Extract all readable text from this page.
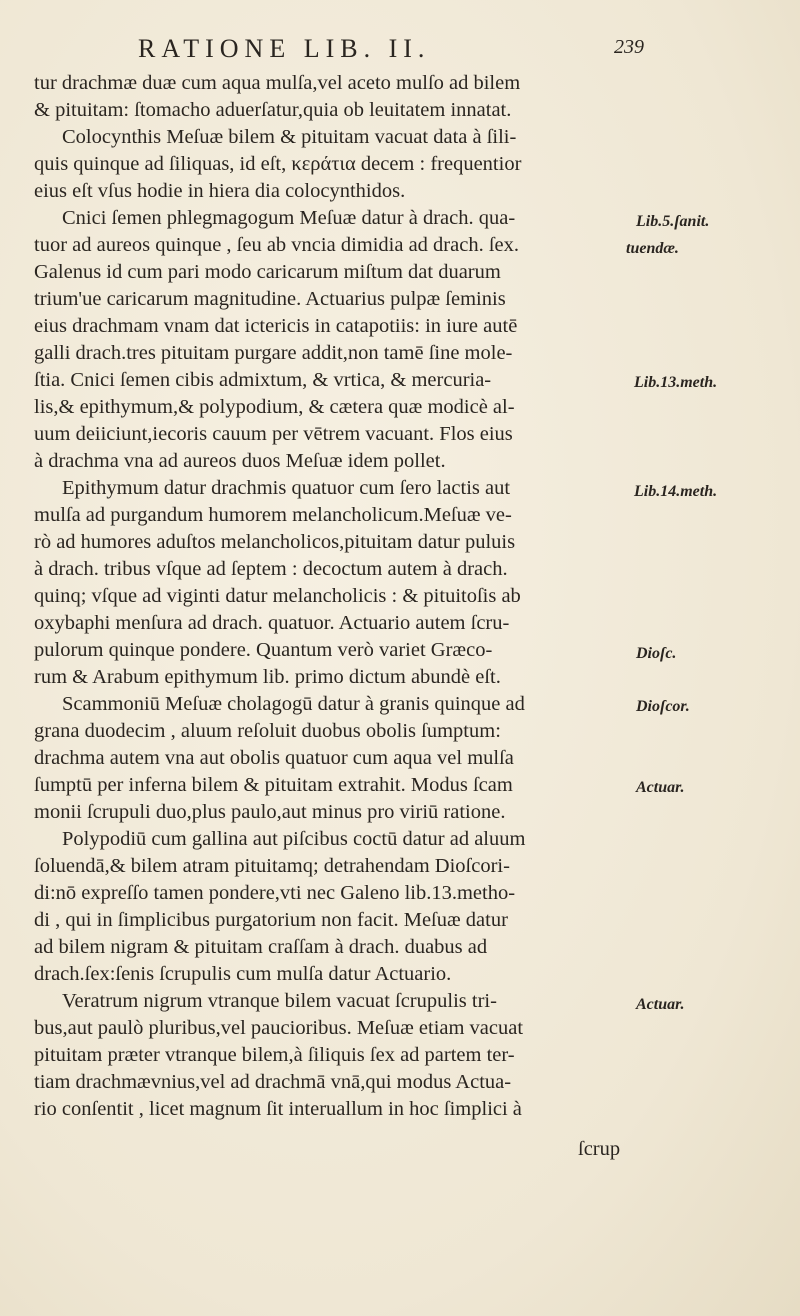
RATIONE LIB. II.	239
tur drachmæ duæ cum aqua mulſa,vel aceto mulſo ad bilem
& pituitam: ſtomacho aduerſatur,quia ob leuitatem innatat.
Colocynthis Meſuæ bilem & pituitam vacuat data à ſili-
quis quinque ad ſiliquas, id eſt, κεράτια decem : frequentior
eius eſt vſus hodie in hiera dia colocynthidos.
Cnici ſemen phlegmagogum Meſuæ datur à drach. qua-
tuor ad aureos quinque , ſeu ab vncia dimidia ad drach. ſex.
Galenus id cum pari modo caricarum miſtum dat duarum
trium'ue caricarum magnitudine. Actuarius pulpæ ſeminis
eius drachmam vnam dat ictericis in catapotiis: in iure autē
galli drach.tres pituitam purgare addit,non tamē ſine mole-
ſtia. Cnici ſemen cibis admixtum, & vrtica, & mercuria-
lis,& epithymum,& polypodium, & cætera quæ modicè al-
uum deiiciunt,iecoris cauum per vētrem vacuant. Flos eius
à drachma vna ad aureos duos Meſuæ idem pollet.
Epithymum datur drachmis quatuor cum ſero lactis aut
mulſa ad purgandum humorem melancholicum.Meſuæ ve-
rò ad humores aduſtos melancholicos,pituitam datur puluis
à drach. tribus vſque ad ſeptem : decoctum autem à drach.
quinq; vſque ad viginti datur melancholicis : & pituitoſis ab
oxybaphi menſura ad drach. quatuor. Actuario autem ſcru-
pulorum quinque pondere. Quantum verò variet Græco-
rum & Arabum epithymum lib. primo dictum abundè eſt.
Scammoniū Meſuæ cholagogū datur à granis quinque ad
grana duodecim , aluum reſoluit duobus obolis ſumptum:
drachma autem vna aut obolis quatuor cum aqua vel mulſa
ſumptū per inferna bilem & pituitam extrahit. Modus ſcam
monii ſcrupuli duo,plus paulo,aut minus pro viriū ratione.
Polypodiū cum gallina aut piſcibus coctū datur ad aluum
ſoluendā,& bilem atram pituitamq; detrahendam Dioſcori-
di:nō expreſſo tamen pondere,vti nec Galeno lib.13.metho-
di , qui in ſimplicibus purgatorium non facit. Meſuæ datur
ad bilem nigram & pituitam craſſam à drach. duabus ad
drach.ſex:ſenis ſcrupulis cum mulſa datur Actuario.
Veratrum nigrum vtranque bilem vacuat ſcrupulis tri-
bus,aut paulò pluribus,vel paucioribus. Meſuæ etiam vacuat
pituitam præter vtranque bilem,à ſiliquis ſex ad partem ter-
tiam drachmævnius,vel ad drachmā vnā,qui modus Actua-
rio conſentit , licet magnum ſit interuallum in hoc ſimplici à
ſcrup
Lib.5.ſanit.
tuendæ.
Lib.13.meth.
Lib.14.meth.
Dioſc.
Dioſcor.
Actuar.
Actuar.
